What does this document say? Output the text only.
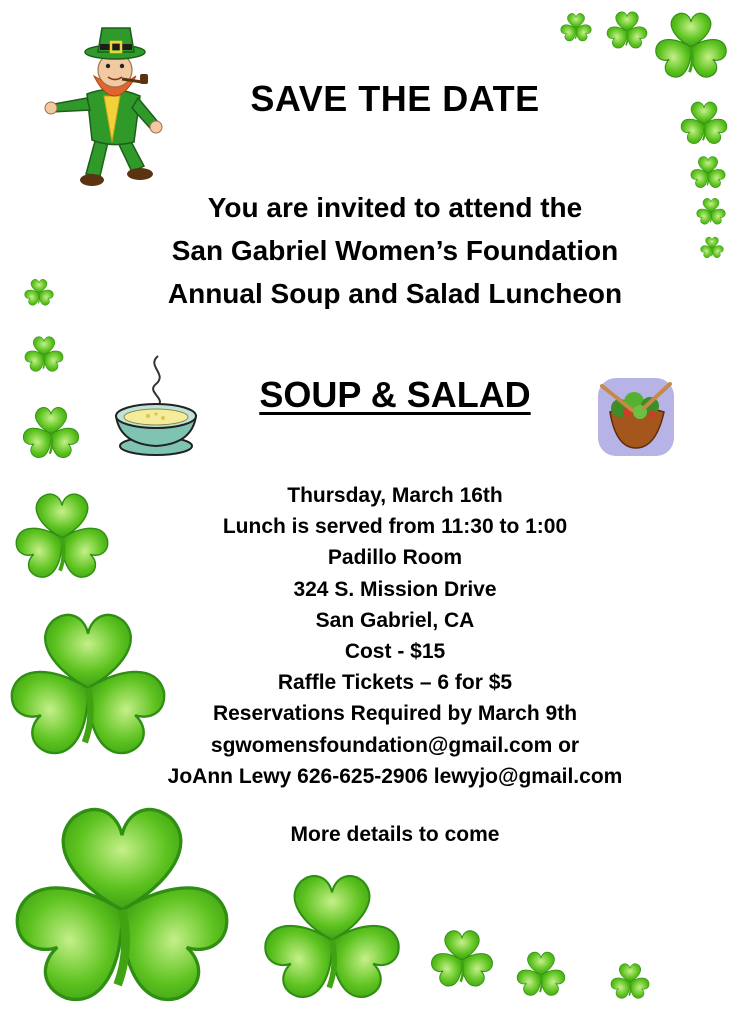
SAVE THE DATE
You are invited to attend the
San Gabriel Women’s Foundation
Annual Soup and Salad Luncheon
SOUP & SALAD
Thursday, March 16th
Lunch is served from 11:30 to 1:00
Padillo Room
324 S. Mission Drive
San Gabriel, CA
Cost - $15
Raffle Tickets – 6 for $5
Reservations Required by March 9th
sgwomensfoundation@gmail.com or
JoAnn Lewy 626-625-2906 lewyjo@gmail.com
More details to come
